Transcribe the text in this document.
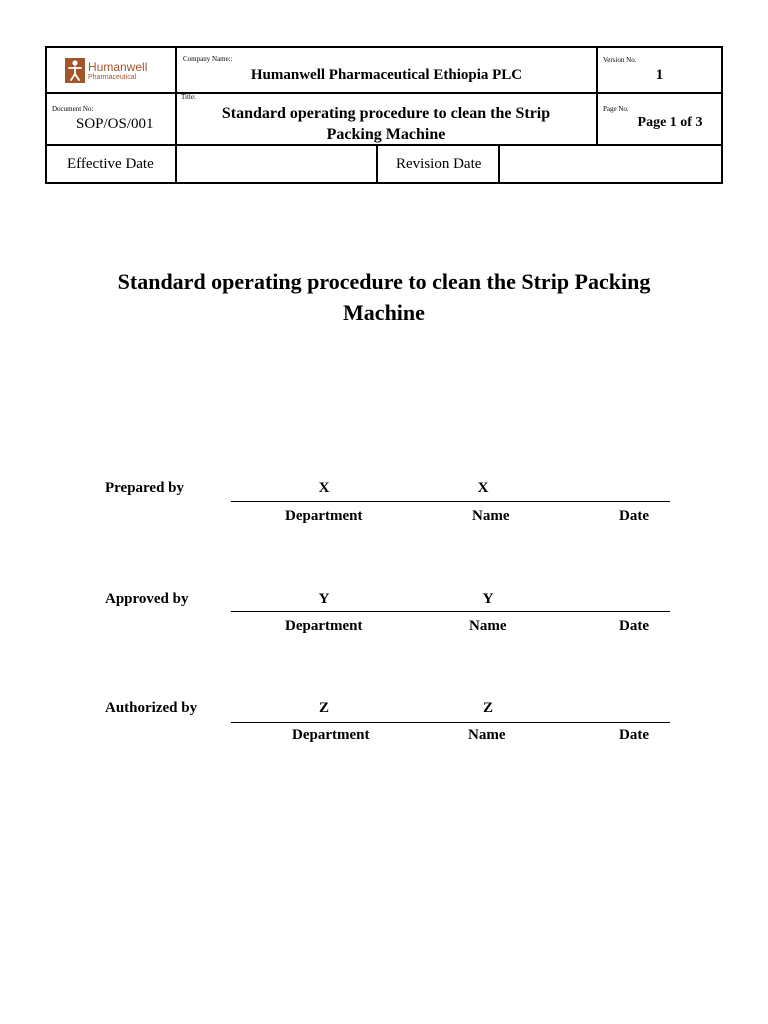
Humanwell
Pharmaceutical
Company Name::
Humanwell Pharmaceutical Ethiopia PLC
Version No.
1
Document No:
SOP/OS/001
Title:
Standard operating procedure to clean the Strip Packing Machine
Page No.
Page 1 of 3
Effective Date	Revision Date
Standard operating procedure to clean the Strip Packing Machine
Prepared by	X	X
Department	Name	Date
Approved by	Y	Y
Department	Name	Date
Authorized by	Z	Z
Department	Name	Date
